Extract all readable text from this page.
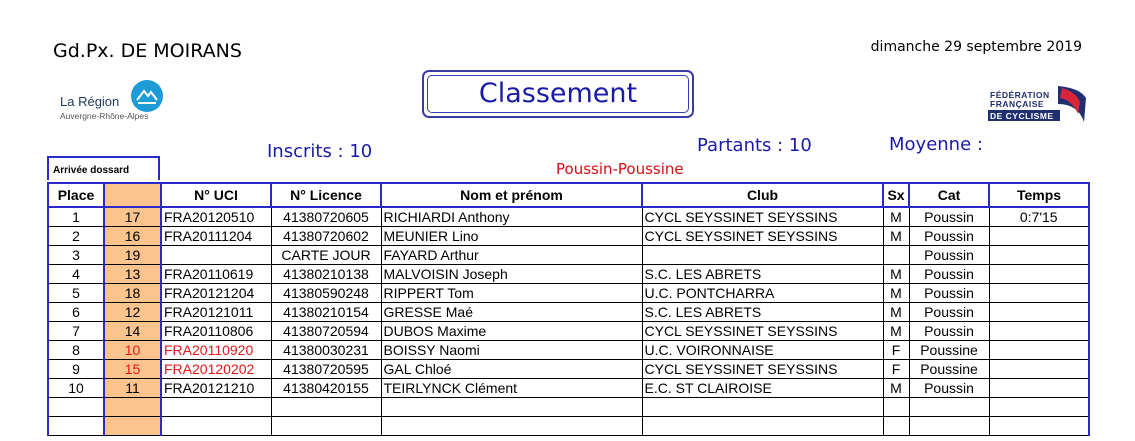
Gd.Px. DE MOIRANS	dimanche 29 septembre 2019
La Région
Auvergne-Rhône-Alpes
Classement	FÉDÉRATION
FRANÇAISE
DE CYCLISME
Inscrits : 10	Partants : 10	Moyenne :
Poussin-Poussine
Arrivée dossard
Place		N° UCI	N° Licence	Nom et prénom	Club	Sx	Cat	Temps
1	17	FRA20120510	41380720605	RICHIARDI Anthony	CYCL SEYSSINET SEYSSINS	M	Poussin	0:7'15
2	16	FRA20111204	41380720602	MEUNIER Lino	CYCL SEYSSINET SEYSSINS	M	Poussin	
3	19		CARTE JOUR	FAYARD Arthur			Poussin	
4	13	FRA20110619	41380210138	MALVOISIN Joseph	S.C. LES ABRETS	M	Poussin	
5	18	FRA20121204	41380590248	RIPPERT Tom	U.C. PONTCHARRA	M	Poussin	
6	12	FRA20121011	41380210154	GRESSE Maé	S.C. LES ABRETS	M	Poussin	
7	14	FRA20110806	41380720594	DUBOS Maxime	CYCL SEYSSINET SEYSSINS	M	Poussin	
8	10	FRA20110920	41380030231	BOISSY Naomi	U.C. VOIRONNAISE	F	Poussine	
9	15	FRA20120202	41380720595	GAL Chloé	CYCL SEYSSINET SEYSSINS	F	Poussine	
10	11	FRA20121210	41380420155	TEIRLYNCK Clément	E.C. ST CLAIROISE	M	Poussin	
